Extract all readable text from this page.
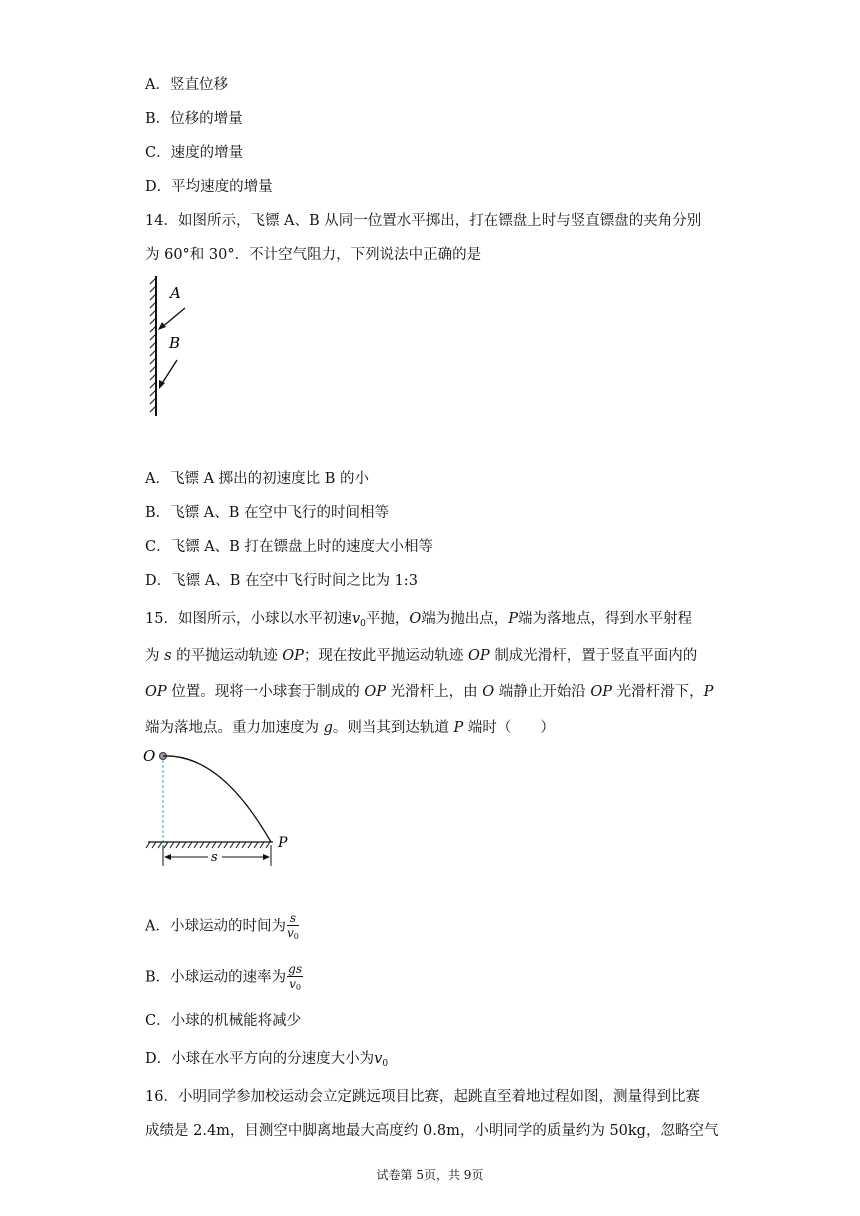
A．竖直位移
B．位移的增量
C．速度的增量
D．平均速度的增量
14．如图所示，飞镖 A、B 从同一位置水平掷出，打在镖盘上时与竖直镖盘的夹角分别
为 60°和 30°．不计空气阻力，下列说法中正确的是
A
B
A．飞镖 A 掷出的初速度比 B 的小
B．飞镖 A、B 在空中飞行的时间相等
C．飞镖 A、B 打在镖盘上时的速度大小相等
D．飞镖 A、B 在空中飞行时间之比为 1:3
15．如图所示，小球以水平初速$v_0$平抛，O端为抛出点，P端为落地点，得到水平射程
为 s 的平抛运动轨迹 OP；现在按此平抛运动轨迹 OP 制成光滑杆，置于竖直平面内的
OP 位置。现将一小球套于制成的 OP 光滑杆上，由 O 端静止开始沿 OP 光滑杆滑下，P
端为落地点。重力加速度为 g。则当其到达轨道 P 端时（　　）
O
P
s
A．小球运动的时间为 $\frac{s}{v_0}$
B．小球运动的速率为 $\frac{gs}{v_0}$
C．小球的机械能将减少
D．小球在水平方向的分速度大小为$v_0$
16．小明同学参加校运动会立定跳远项目比赛，起跳直至着地过程如图，测量得到比赛
成绩是 2.4m，目测空中脚离地最大高度约 0.8m，小明同学的质量约为 50kg，忽略空气
试卷第 5页，共 9页
